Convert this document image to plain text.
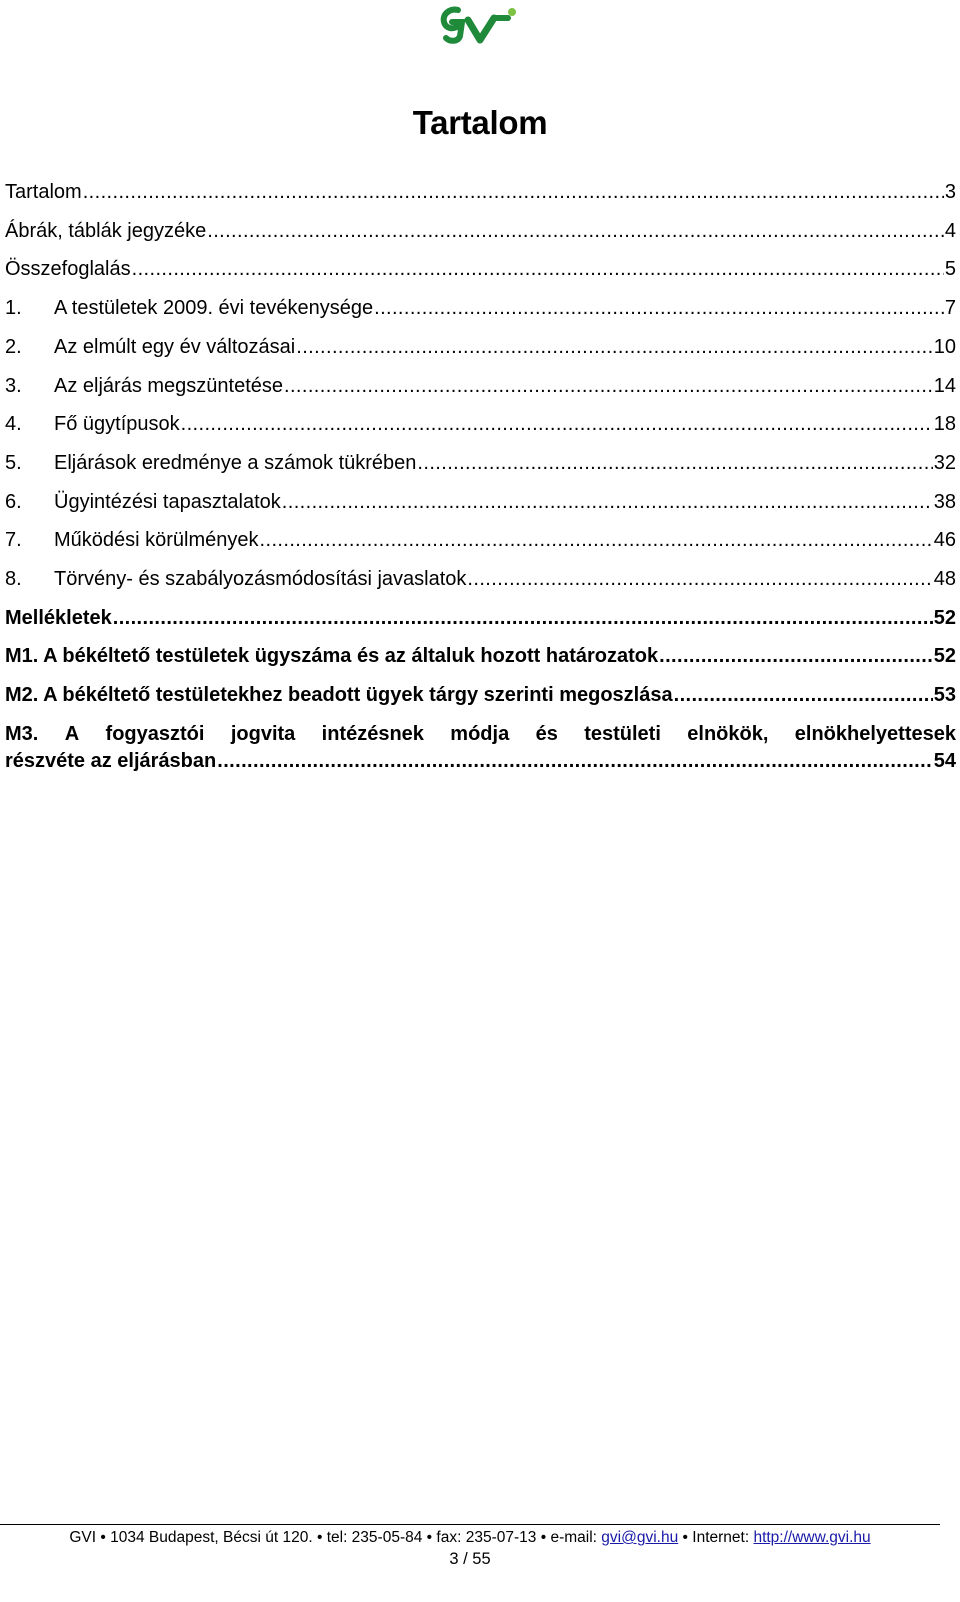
Tartalom
Tartalom .....	3
Ábrák, táblák jegyzéke .....	4
Összefoglalás .....	5
1.	A testületek 2009. évi tevékenysége .....	7
2.	Az elmúlt egy év változásai .....	10
3.	Az eljárás megszüntetése .....	14
4.	Fő ügytípusok .....	18
5.	Eljárások eredménye a számok tükrében .....	32
6.	Ügyintézési tapasztalatok .....	38
7.	Működési körülmények .....	46
8.	Törvény- és szabályozásmódosítási javaslatok .....	48
Mellékletek .....	52
M1. A békéltető testületek ügyszáma és az általuk hozott határozatok .....	52
M2. A békéltető testületekhez beadott ügyek tárgy szerinti megoszlása .....	53
M3. A fogyasztói jogvita intézésnek módja és testületi elnökök, elnökhelyettesek
részvéte az eljárásban .....	54
GVI • 1034 Budapest, Bécsi út 120. • tel: 235-05-84 • fax: 235-07-13 • e-mail: gvi@gvi.hu • Internet: http://www.gvi.hu
3 / 55
